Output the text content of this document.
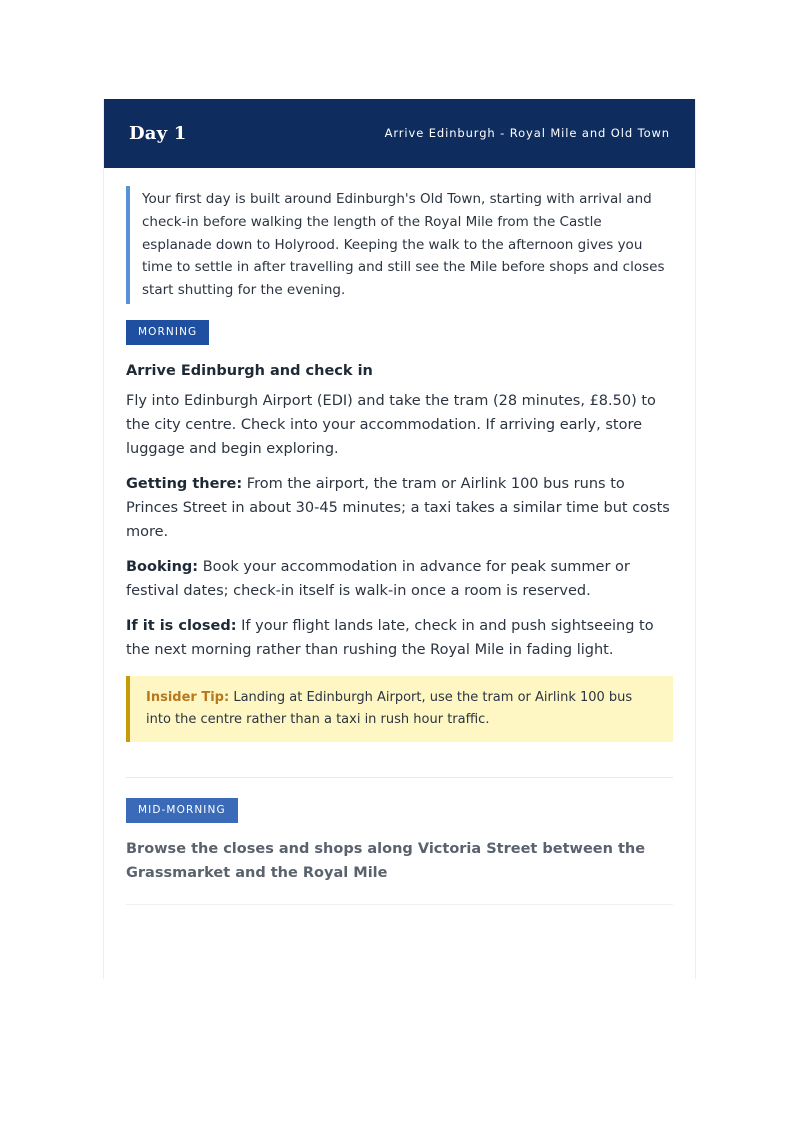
Day 1	Arrive Edinburgh - Royal Mile and Old Town
Your first day is built around Edinburgh's Old Town, starting with arrival and check-in before walking the length of the Royal Mile from the Castle esplanade down to Holyrood. Keeping the walk to the afternoon gives you time to settle in after travelling and still see the Mile before shops and closes start shutting for the evening.
MORNING
Arrive Edinburgh and check in
Fly into Edinburgh Airport (EDI) and take the tram (28 minutes, £8.50) to the city centre. Check into your accommodation. If arriving early, store luggage and begin exploring.
Getting there: From the airport, the tram or Airlink 100 bus runs to Princes Street in about 30-45 minutes; a taxi takes a similar time but costs more.
Booking: Book your accommodation in advance for peak summer or festival dates; check-in itself is walk-in once a room is reserved.
If it is closed: If your flight lands late, check in and push sightseeing to the next morning rather than rushing the Royal Mile in fading light.
Insider Tip: Landing at Edinburgh Airport, use the tram or Airlink 100 bus into the centre rather than a taxi in rush hour traffic.
MID-MORNING
Browse the closes and shops along Victoria Street between the Grassmarket and the Royal Mile
